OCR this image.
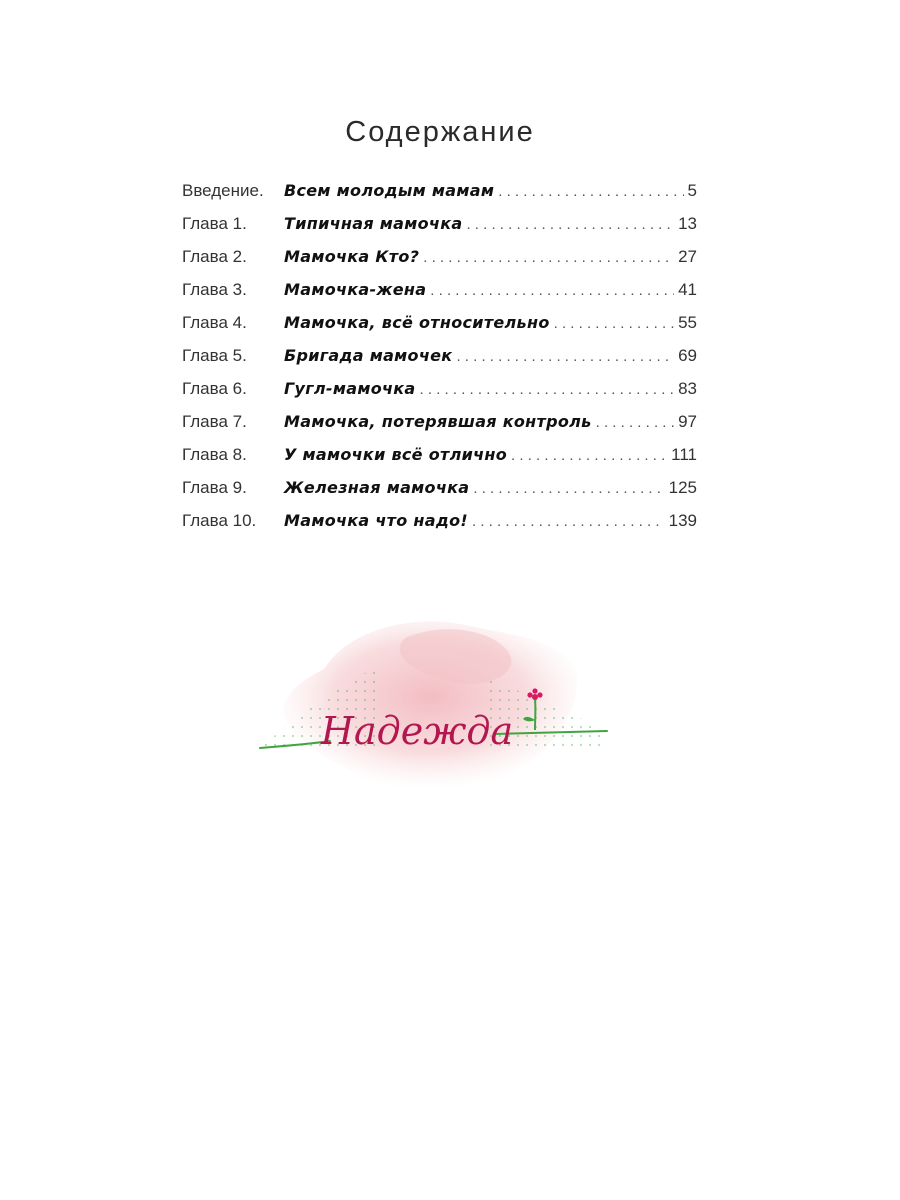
Содержание
Введение.	Всем молодым мамам . . .	5
Глава 1.	Типичная мамочка . . .	13
Глава 2.	Мамочка Кто? . . .	27
Глава 3.	Мамочка-жена . . .	41
Глава 4.	Мамочка, всё относительно . . .	55
Глава 5.	Бригада мамочек . . .	69
Глава 6.	Гугл-мамочка . . .	83
Глава 7.	Мамочка, потерявшая контроль . . .	97
Глава 8.	У мамочки всё отлично . . .	111
Глава 9.	Железная мамочка . . .	125
Глава 10.	Мамочка что надо! . . .	139
Надежда
